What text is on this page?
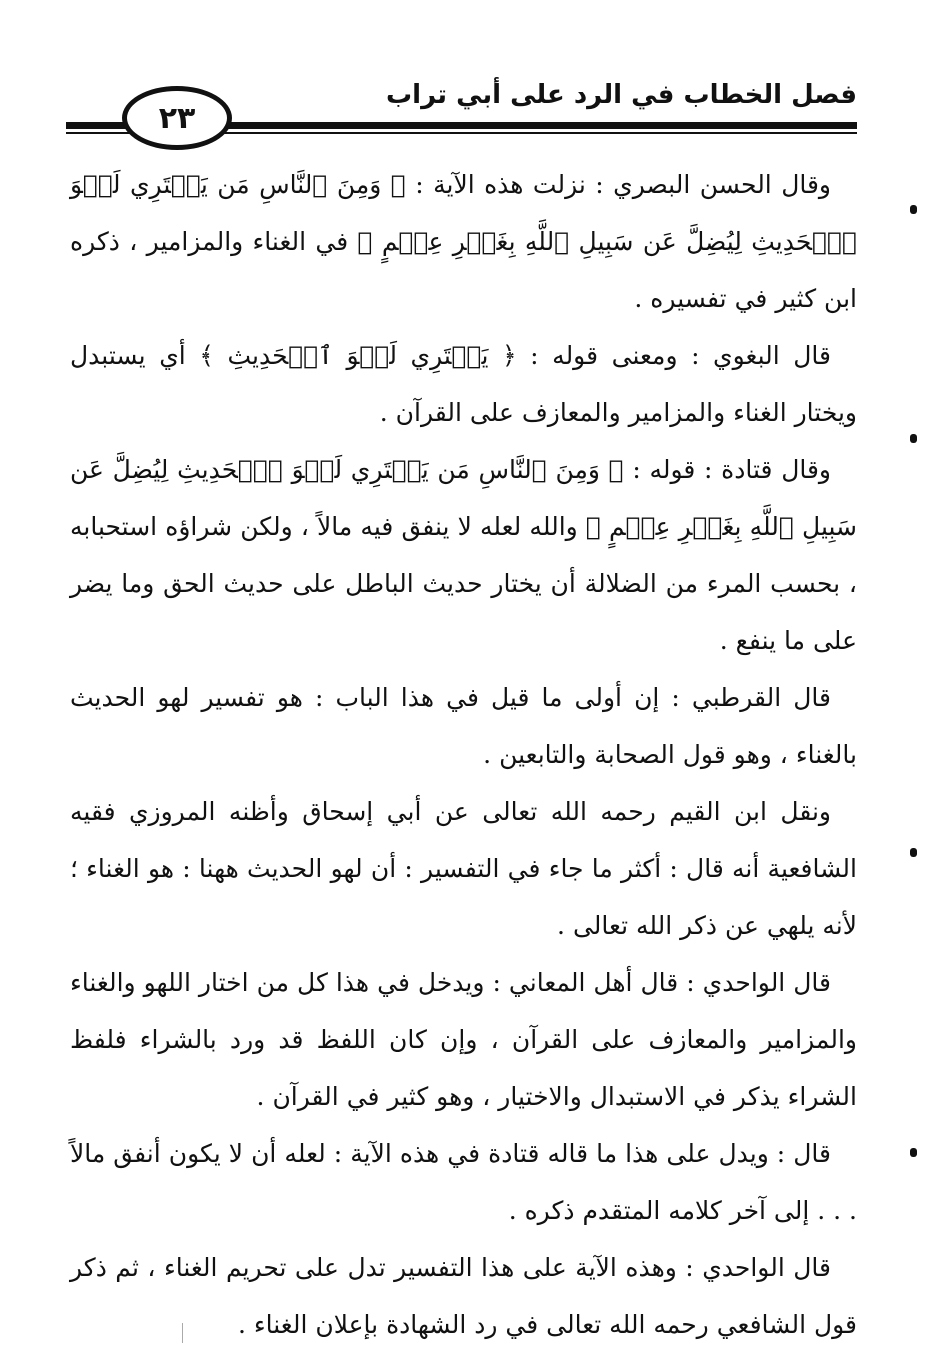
فصل الخطاب في الرد على أبي تراب
٢٣

وقال الحسن البصري : نزلت هذه الآية : ﴿ وَمِنَ ٱلنَّاسِ مَن يَشۡتَرِي لَهۡوَ ٱلۡحَدِيثِ لِيُضِلَّ عَن سَبِيلِ ٱللَّهِ بِغَيۡرِ عِلۡمٍ ﴾ في الغناء والمزامير ، ذكره ابن كثير في تفسيره .

قال البغوي : ومعنى قوله : ﴿ يَشۡتَرِي لَهۡوَ ٱلۡحَدِيثِ ﴾ أي يستبدل ويختار الغناء والمزامير والمعازف على القرآن .

وقال قتادة : قوله : ﴿ وَمِنَ ٱلنَّاسِ مَن يَشۡتَرِي لَهۡوَ ٱلۡحَدِيثِ لِيُضِلَّ عَن سَبِيلِ ٱللَّهِ بِغَيۡرِ عِلۡمٍ ﴾ والله لعله لا ينفق فيه مالاً ، ولكن شراؤه استحبابه ، بحسب المرء من الضلالة أن يختار حديث الباطل على حديث الحق وما يضر على ما ينفع .

قال القرطبي : إن أولى ما قيل في هذا الباب : هو تفسير لهو الحديث بالغناء ، وهو قول الصحابة والتابعين .

ونقل ابن القيم رحمه الله تعالى عن أبي إسحاق وأظنه المروزي فقيه الشافعية أنه قال : أكثر ما جاء في التفسير : أن لهو الحديث ههنا : هو الغناء ؛ لأنه يلهي عن ذكر الله تعالى .

قال الواحدي : قال أهل المعاني : ويدخل في هذا كل من اختار اللهو والغناء والمزامير والمعازف على القرآن ، وإن كان اللفظ قد ورد بالشراء فلفظ الشراء يذكر في الاستبدال والاختيار ، وهو كثير في القرآن .

قال : ويدل على هذا ما قاله قتادة في هذه الآية : لعله أن لا يكون أنفق مالاً . . . إلى آخر كلامه المتقدم ذكره .

قال الواحدي : وهذه الآية على هذا التفسير تدل على تحريم الغناء ، ثم ذكر قول الشافعي رحمه الله تعالى في رد الشهادة بإعلان الغناء .
